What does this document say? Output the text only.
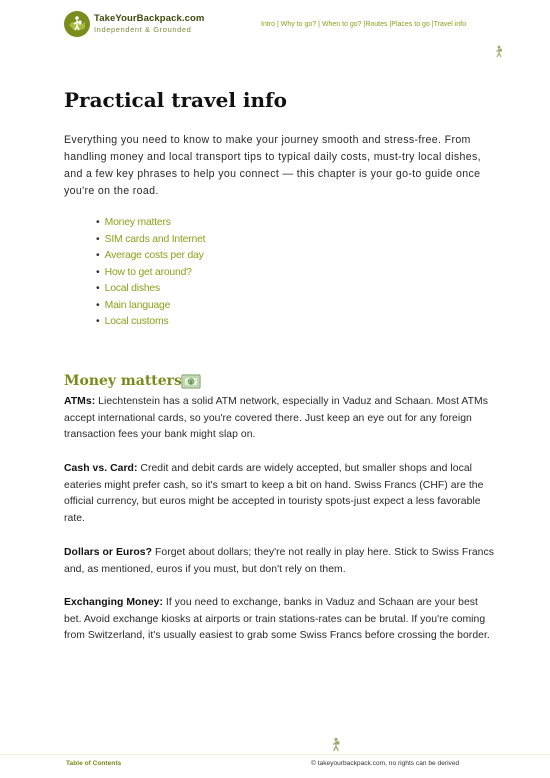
TakeYourBackpack.com
Independent & Grounded
Intro | Why to go? | When to go? |Routes |Places to go |Travel info
Practical travel info

Everything you need to know to make your journey smooth and stress-free. From handling money and local transport tips to typical daily costs, must-try local dishes, and a few key phrases to help you connect — this chapter is your go-to guide once you're on the road.

• Money matters
• SIM cards and Internet
• Average costs per day
• How to get around?
• Local dishes
• Main language
• Local customs
Money matters $

ATMs: Liechtenstein has a solid ATM network, especially in Vaduz and Schaan. Most ATMs accept international cards, so you're covered there. Just keep an eye out for any foreign transaction fees your bank might slap on.

Cash vs. Card: Credit and debit cards are widely accepted, but smaller shops and local eateries might prefer cash, so it's smart to keep a bit on hand. Swiss Francs (CHF) are the official currency, but euros might be accepted in touristy spots-just expect a less favorable rate.

Dollars or Euros? Forget about dollars; they're not really in play here. Stick to Swiss Francs and, as mentioned, euros if you must, but don't rely on them.

Exchanging Money: If you need to exchange, banks in Vaduz and Schaan are your best bet. Avoid exchange kiosks at airports or train stations-rates can be brutal. If you're coming from Switzerland, it's usually easiest to grab some Swiss Francs before crossing the border.

Table of Contents	© takeyourbackpack.com, no rights can be derived
